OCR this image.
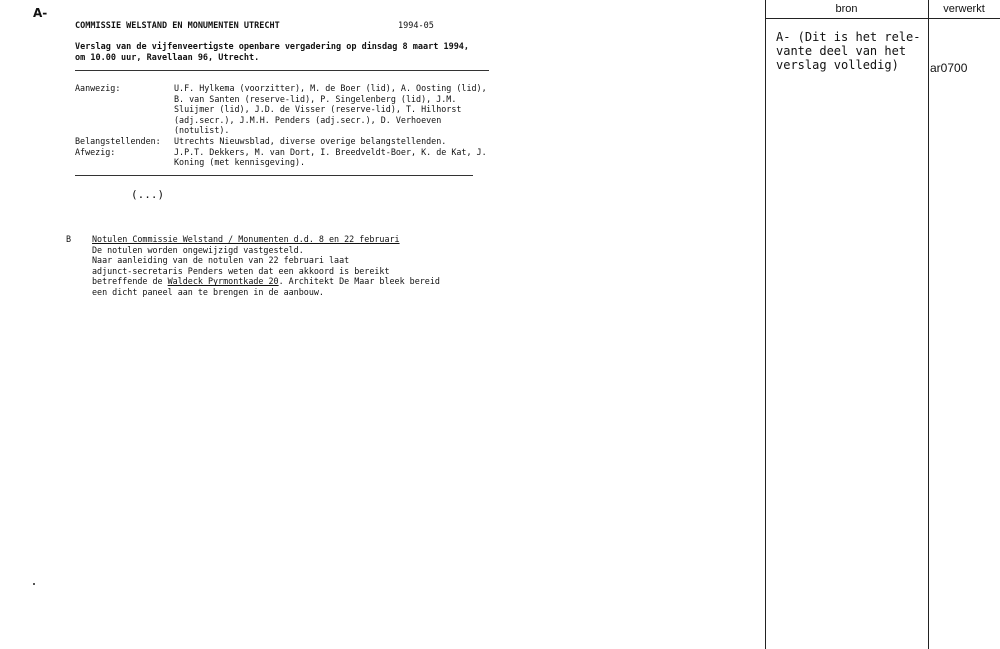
A-
COMMISSIE WELSTAND EN MONUMENTEN UTRECHT	1994-05
Verslag van de vijfenveertigste openbare vergadering op dinsdag 8 maart 1994,
om 10.00 uur, Ravellaan 96, Utrecht.
Aanwezig:	U.F. Hylkema (voorzitter), M. de Boer (lid), A. Oosting (lid), B. van Santen (reserve-lid), P. Singelenberg (lid), J.M. Sluijmer (lid), J.D. de Visser (reserve-lid), T. Hilhorst (adj.secr.), J.M.H. Penders (adj.secr.), D. Verhoeven (notulist).
Belangstellenden:	Utrechts Nieuwsblad, diverse overige belangstellenden.
Afwezig:	J.P.T. Dekkers, M. van Dort, I. Breedveldt-Boer, K. de Kat, J. Koning (met kennisgeving).
(...)
B Notulen Commissie Welstand / Monumenten d.d. 8 en 22 februari
De notulen worden ongewijzigd vastgesteld.
Naar aanleiding van de notulen van 22 februari laat
adjunct-secretaris Penders weten dat een akkoord is bereikt
betreffende de Waldeck Pyrmontkade 20. Architekt De Maar bleek bereid
een dicht paneel aan te brengen in de aanbouw.
bron	verwerkt
A- (Dit is het rele-
vante deel van het
verslag volledig)	ar0700
